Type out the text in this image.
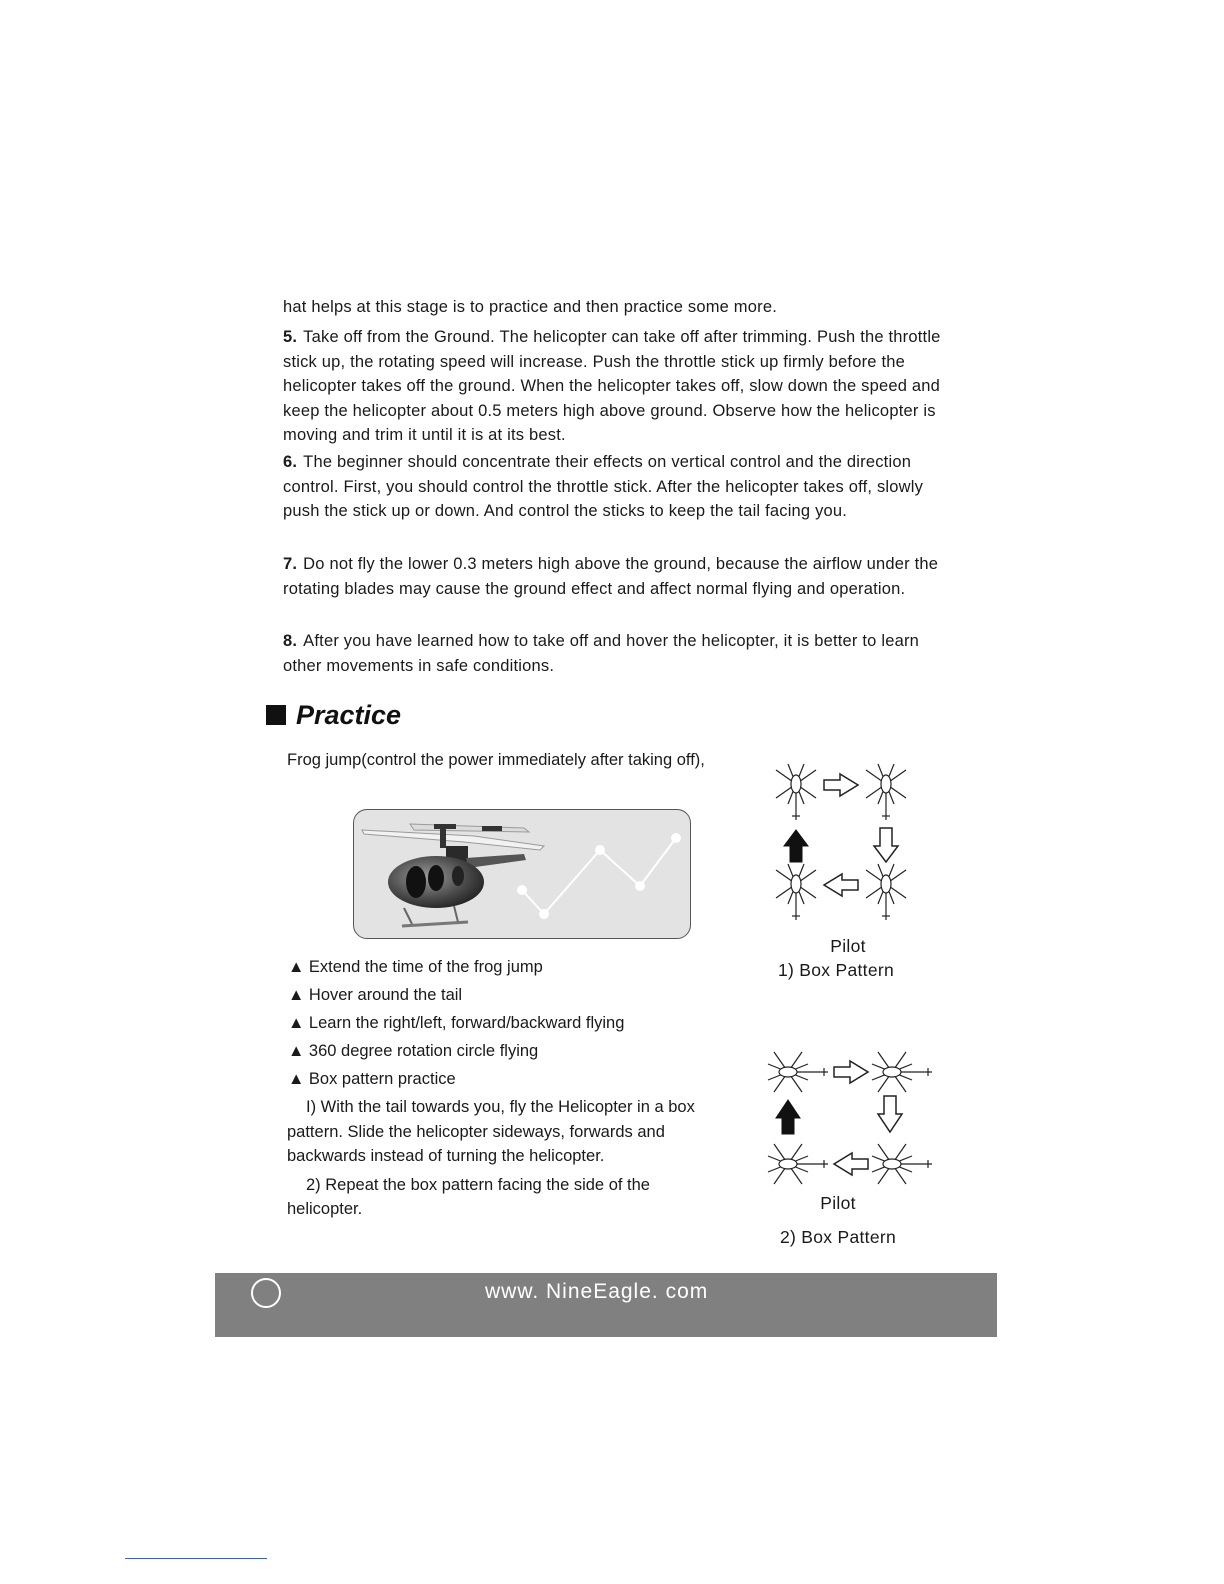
hat helps at this stage is to practice and then practice some more.
5. Take off from the Ground. The helicopter can take off after trimming. Push the throttle stick up, the rotating speed will increase. Push the throttle stick up firmly before the helicopter takes off the ground. When the helicopter takes off, slow down the speed and keep the helicopter about 0.5 meters high above ground. Observe how the helicopter is moving and trim it until it is at its best.
6. The beginner should concentrate their effects on vertical control and the direction control. First, you should control the throttle stick. After the helicopter takes off, slowly push the stick up or down. And control the sticks to keep the tail facing you.
7. Do not fly the lower 0.3 meters high above the ground, because the airflow under the rotating blades may cause the ground effect and affect normal flying and operation.
8. After you have learned how to take off and hover the helicopter, it is better to learn other movements in safe conditions.
Practice
Frog jump(control the power immediately after taking off),
▲ Extend the time of the frog jump
▲ Hover around the tail
▲ Learn the right/left, forward/backward flying
▲ 360 degree rotation circle flying
▲ Box pattern practice

I) With the tail towards you, fly the Helicopter in a box pattern. Slide the helicopter sideways, forwards and backwards instead of turning the helicopter.

2) Repeat the box pattern facing the side of the helicopter.

Pilot
1) Box Pattern
Pilot
2) Box Pattern
www. NineEagle. com
